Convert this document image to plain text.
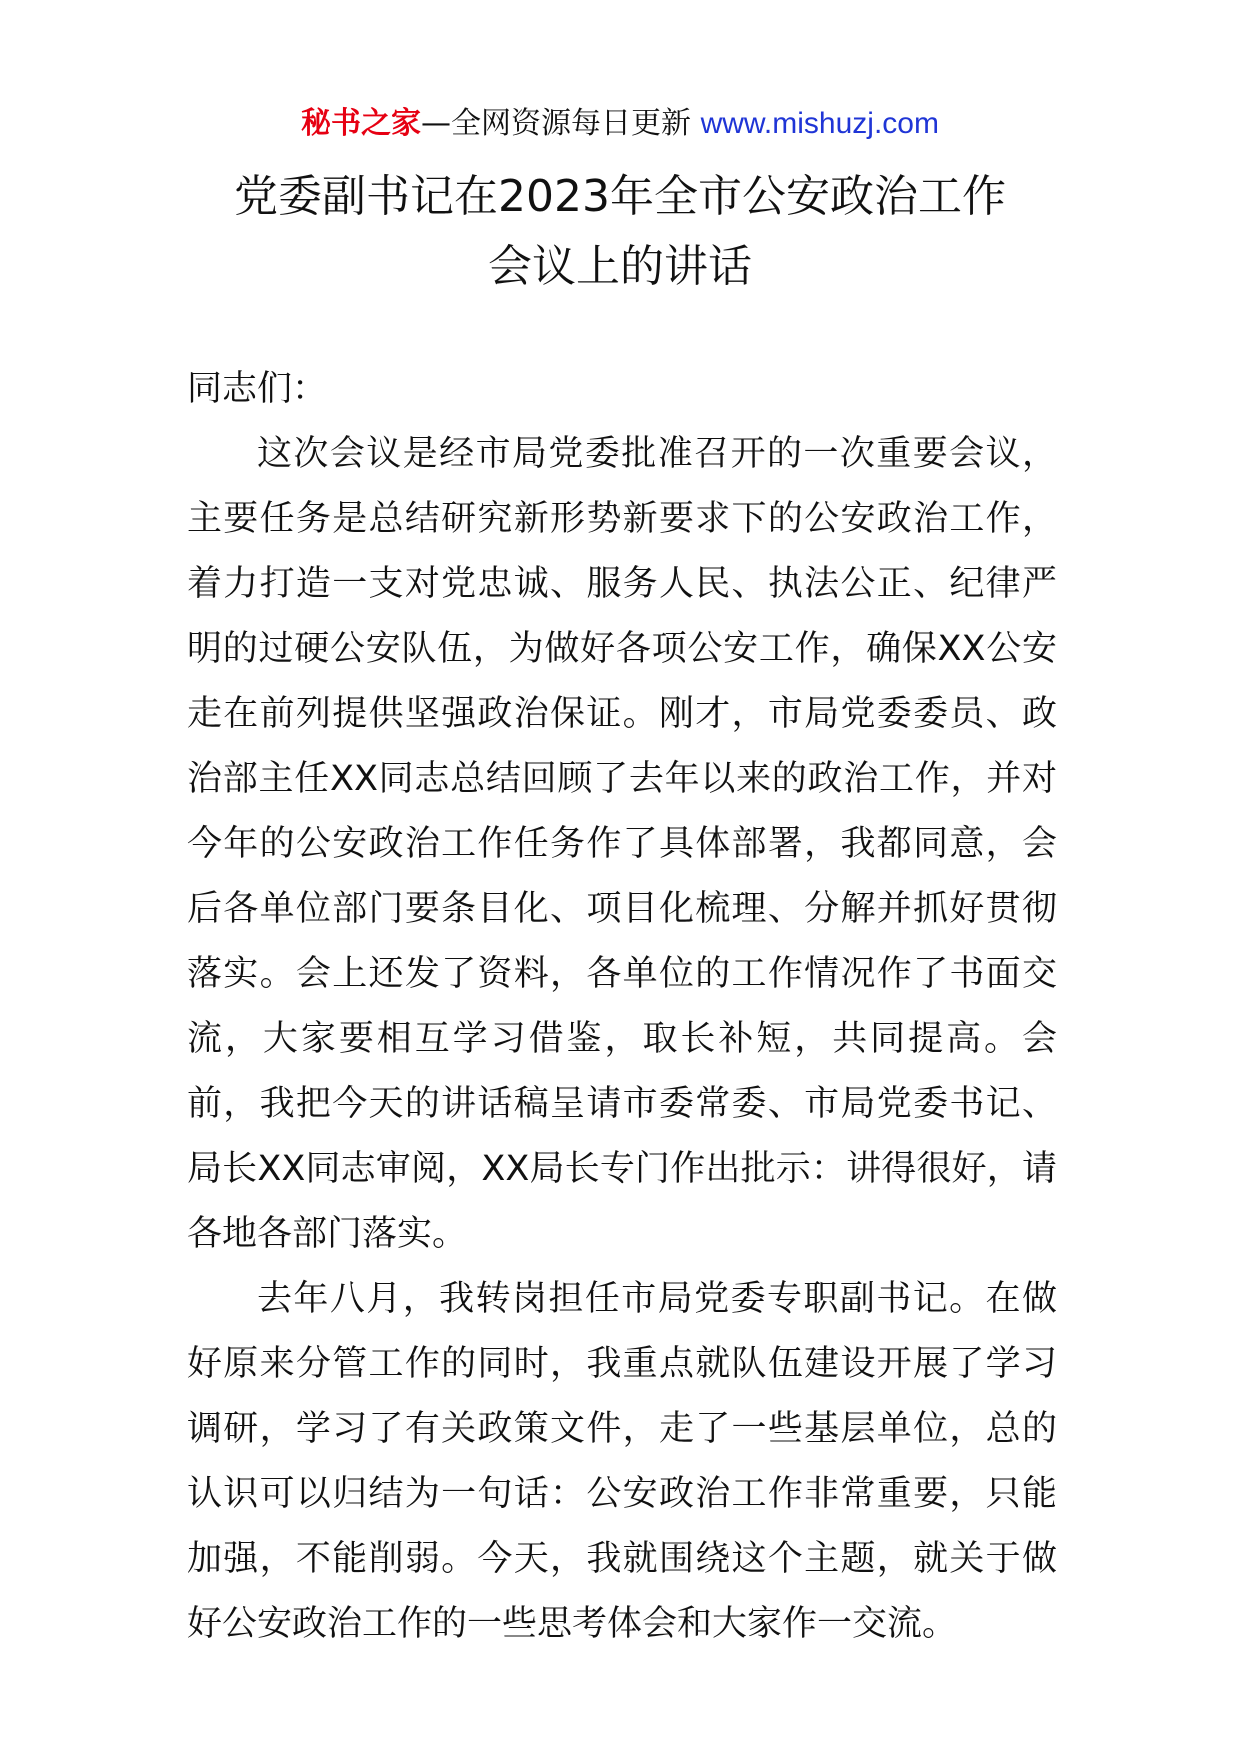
秘书之家—全网资源每日更新 www.mishuzj.com
党委副书记在2023年全市公安政治工作
会议上的讲话

同志们：

这次会议是经市局党委批准召开的一次重要会议，主要任务是总结研究新形势新要求下的公安政治工作，着力打造一支对党忠诚、服务人民、执法公正、纪律严明的过硬公安队伍，为做好各项公安工作，确保XX公安走在前列提供坚强政治保证。刚才，市局党委委员、政治部主任XX同志总结回顾了去年以来的政治工作，并对今年的公安政治工作任务作了具体部署，我都同意，会后各单位部门要条目化、项目化梳理、分解并抓好贯彻落实。会上还发了资料，各单位的工作情况作了书面交流，大家要相互学习借鉴，取长补短，共同提高。会前，我把今天的讲话稿呈请市委常委、市局党委书记、局长XX同志审阅，XX局长专门作出批示：讲得很好，请各地各部门落实。

去年八月，我转岗担任市局党委专职副书记。在做好原来分管工作的同时，我重点就队伍建设开展了学习调研，学习了有关政策文件，走了一些基层单位，总的认识可以归结为一句话：公安政治工作非常重要，只能加强，不能削弱。今天，我就围绕这个主题，就关于做好公安政治工作的一些思考体会和大家作一交流。
